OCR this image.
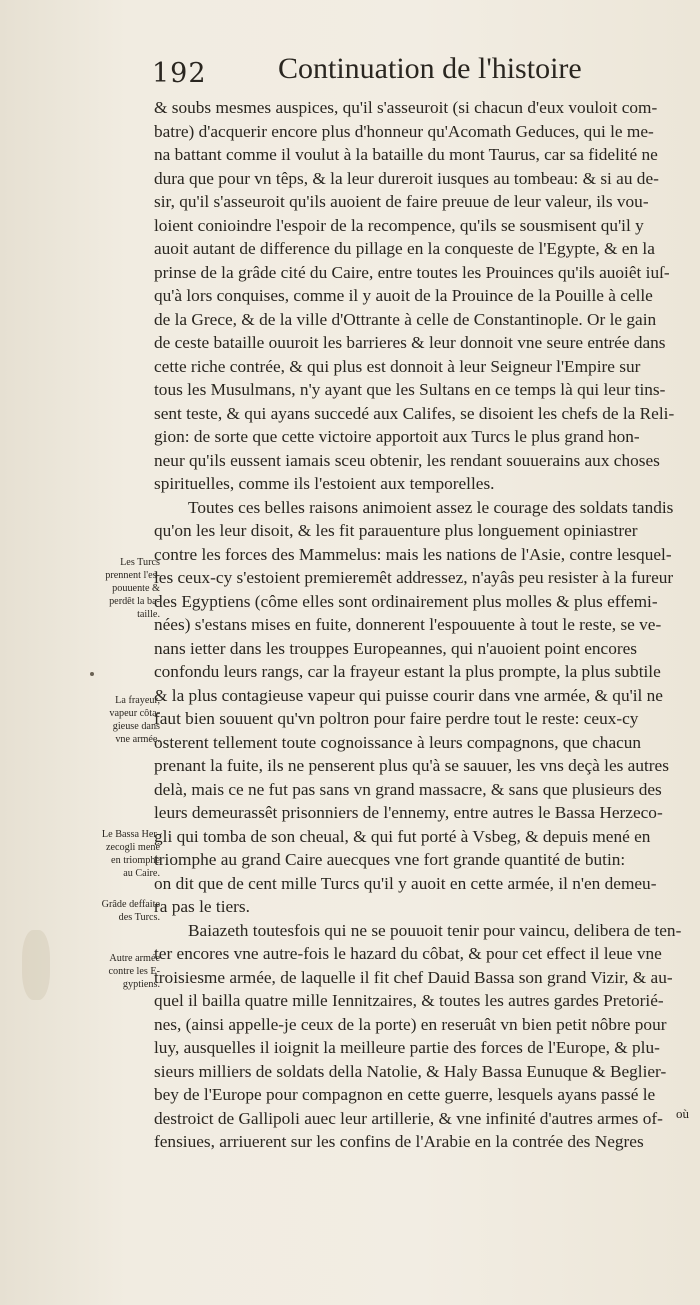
192 Continuation de l'histoire
& soubs mesmes auspices, qu'il s'asseuroit (si chacun d'eux vouloit com-
batre) d'acquerir encore plus d'honneur qu'Acomath Geduces, qui le me-
na battant comme il voulut à la bataille du mont Taurus, car sa fidelité ne
dura que pour vn têps, & la leur dureroit iusques au tombeau: & si au de-
sir, qu'il s'asseuroit qu'ils auoient de faire preuue de leur valeur, ils vou-
loient conioindre l'espoir de la recompence, qu'ils se sousmisent qu'il y
auoit autant de difference du pillage en la conqueste de l'Egypte, & en la
prinse de la grâde cité du Caire, entre toutes les Prouinces qu'ils auoiêt iuſ-
qu'à lors conquises, comme il y auoit de la Prouince de la Pouille à celle
de la Grece, & de la ville d'Ottrante à celle de Constantinople. Or le gain
de ceste bataille ouuroit les barrieres & leur donnoit vne seure entrée dans
cette riche contrée, & qui plus est donnoit à leur Seigneur l'Empire sur
tous les Musulmans, n'y ayant que les Sultans en ce temps là qui leur tins-
sent teste, & qui ayans succedé aux Califes, se disoient les chefs de la Reli-
gion: de sorte que cette victoire apportoit aux Turcs le plus grand hon-
neur qu'ils eussent iamais sceu obtenir, les rendant souuerains aux choses
spirituelles, comme ils l'estoient aux temporelles.
Toutes ces belles raisons animoient assez le courage des soldats tandis
qu'on les leur disoit, & les fit parauenture plus longuement opiniastrer
contre les forces des Mammelus: mais les nations de l'Asie, contre lesquel-
les ceux-cy s'estoient premieremêt addressez, n'ayâs peu resister à la fureur
des Egyptiens (côme elles sont ordinairement plus molles & plus effemi-
nées) s'estans mises en fuite, donnerent l'espouuente à tout le reste, se ve-
nans ietter dans les trouppes Europeannes, qui n'auoient point encores
confondu leurs rangs, car la frayeur estant la plus prompte, la plus subtile
& la plus contagieuse vapeur qui puisse courir dans vne armée, & qu'il ne
faut bien souuent qu'vn poltron pour faire perdre tout le reste: ceux-cy
osterent tellement toute cognoissance à leurs compagnons, que chacun
prenant la fuite, ils ne penserent plus qu'à se sauuer, les vns deçà les autres
delà, mais ce ne fut pas sans vn grand massacre, & sans que plusieurs des
leurs demeurassêt prisonniers de l'ennemy, entre autres le Bassa Herzeco-
gli qui tomba de son cheual, & qui fut porté à Vsbeg, & depuis mené en
triomphe au grand Caire auecques vne fort grande quantité de butin:
on dit que de cent mille Turcs qu'il y auoit en cette armée, il n'en demeu-
ra pas le tiers.
Baiazeth toutesfois qui ne se pouuoit tenir pour vaincu, delibera de ten-
ter encores vne autre-fois le hazard du côbat, & pour cet effect il leue vne
troisiesme armée, de laquelle il fit chef Dauid Bassa son grand Vizir, & au-
quel il bailla quatre mille Iennitzaires, & toutes les autres gardes Pretorié-
nes, (ainsi appelle-je ceux de la porte) en reseruât vn bien petit nôbre pour
luy, ausquelles il ioignit la meilleure partie des forces de l'Europe, & plu-
sieurs milliers de soldats della Natolie, & Haly Bassa Eunuque & Beglier-
bey de l'Europe pour compagnon en cette guerre, lesquels ayans passé le
destroict de Gallipoli auec leur artillerie, & vne infinité d'autres armes of-
fensiues, arriuerent sur les confins de l'Arabie en la contrée des Negres
où
Les Turcs
prennent l'es-
pouuente &
perdêt la ba-
taille.
La frayeur,
vapeur côta-
gieuse dans
vne armée.
Le Bassa Her-
zecogli mené
en triomphe
au Caire.
Grâde deffaite
des Turcs.
Autre armée
contre les E-
gyptiens.
